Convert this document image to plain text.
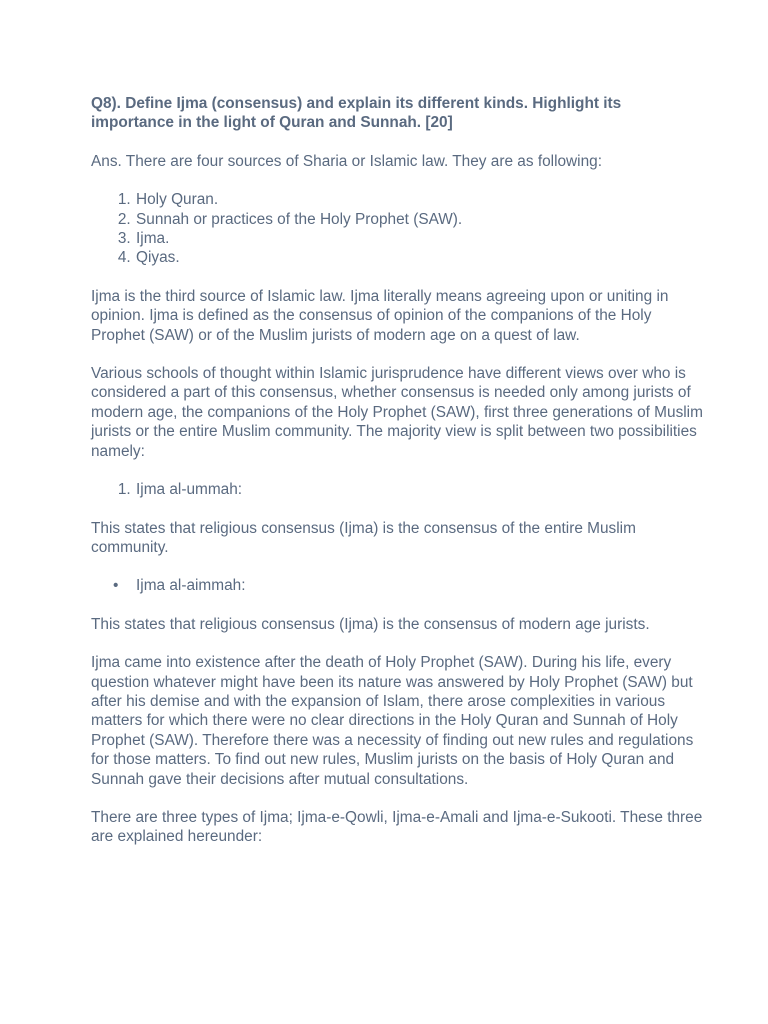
Q8). Define Ijma (consensus) and explain its different kinds. Highlight its importance in the light of Quran and Sunnah. [20]

Ans. There are four sources of Sharia or Islamic law. They are as following:

1. Holy Quran.
2. Sunnah or practices of the Holy Prophet (SAW).
3. Ijma.
4. Qiyas.

Ijma is the third source of Islamic law. Ijma literally means agreeing upon or uniting in opinion. Ijma is defined as the consensus of opinion of the companions of the Holy Prophet (SAW) or of the Muslim jurists of modern age on a quest of law.

Various schools of thought within Islamic jurisprudence have different views over who is considered a part of this consensus, whether consensus is needed only among jurists of modern age, the companions of the Holy Prophet (SAW), first three generations of Muslim jurists or the entire Muslim community. The majority view is split between two possibilities namely:

1. Ijma al-ummah:

This states that religious consensus (Ijma) is the consensus of the entire Muslim community.

• Ijma al-aimmah:

This states that religious consensus (Ijma) is the consensus of modern age jurists.

Ijma came into existence after the death of Holy Prophet (SAW). During his life, every question whatever might have been its nature was answered by Holy Prophet (SAW) but after his demise and with the expansion of Islam, there arose complexities in various matters for which there were no clear directions in the Holy Quran and Sunnah of Holy Prophet (SAW). Therefore there was a necessity of finding out new rules and regulations for those matters. To find out new rules, Muslim jurists on the basis of Holy Quran and Sunnah gave their decisions after mutual consultations.

There are three types of Ijma; Ijma-e-Qowli, Ijma-e-Amali and Ijma-e-Sukooti. These three are explained hereunder:
